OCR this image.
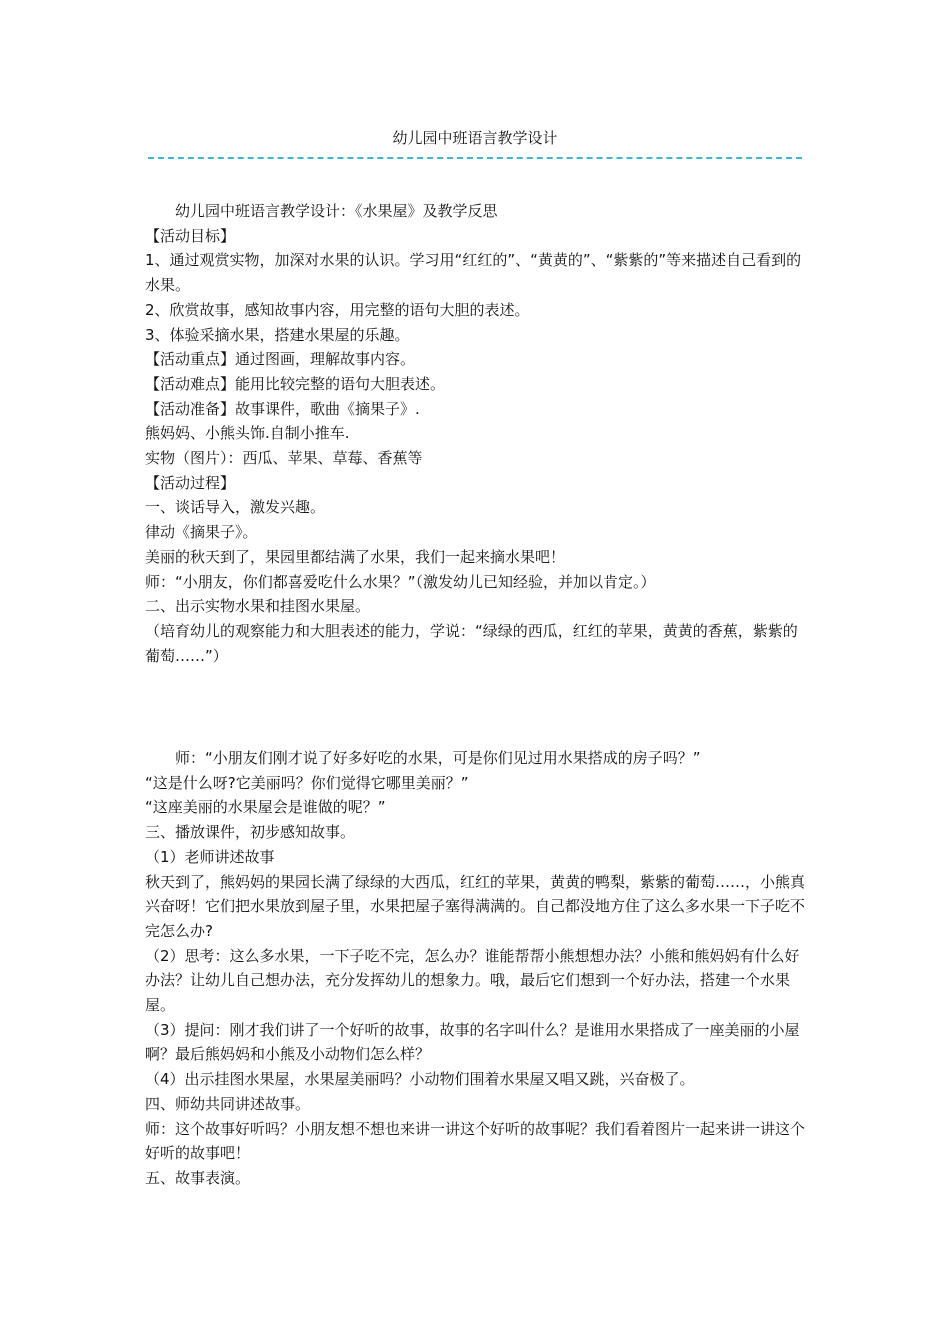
幼儿园中班语言教学设计

幼儿园中班语言教学设计：《水果屋》及教学反思

【活动目标】

1、通过观赏实物，加深对水果的认识。学习用“红红的”、“黄黄的”、“紫紫的”等来描述自己看到的水果。

2、欣赏故事，感知故事内容，用完整的语句大胆的表述。

3、体验采摘水果，搭建水果屋的乐趣。

【活动重点】通过图画，理解故事内容。

【活动难点】能用比较完整的语句大胆表述。

【活动准备】故事课件，歌曲《摘果子》.

熊妈妈、小熊头饰.自制小推车.

实物（图片）：西瓜、苹果、草莓、香蕉等

【活动过程】

一、谈话导入，激发兴趣。

律动《摘果子》。

美丽的秋天到了，果园里都结满了水果，我们一起来摘水果吧！

师：“小朋友，你们都喜爱吃什么水果？”（激发幼儿已知经验，并加以肯定。）

二、出示实物水果和挂图水果屋。

（培育幼儿的观察能力和大胆表述的能力，学说：“绿绿的西瓜，红红的苹果，黄黄的香蕉，紫紫的葡萄……”）

师：“小朋友们刚才说了好多好吃的水果，可是你们见过用水果搭成的房子吗？”

“这是什么呀?它美丽吗？你们觉得它哪里美丽？”

“这座美丽的水果屋会是谁做的呢？”

三、播放课件，初步感知故事。

（1）老师讲述故事

秋天到了，熊妈妈的果园长满了绿绿的大西瓜，红红的苹果，黄黄的鸭梨，紫紫的葡萄……，小熊真兴奋呀！它们把水果放到屋子里，水果把屋子塞得满满的。自己都没地方住了这么多水果一下子吃不完怎么办?

（2）思考：这么多水果，一下子吃不完，怎么办？谁能帮帮小熊想想办法？小熊和熊妈妈有什么好办法？让幼儿自己想办法，充分发挥幼儿的想象力。哦，最后它们想到一个好办法，搭建一个水果屋。

（3）提问：刚才我们讲了一个好听的故事，故事的名字叫什么？是谁用水果搭成了一座美丽的小屋啊？最后熊妈妈和小熊及小动物们怎么样？

（4）出示挂图水果屋，水果屋美丽吗？小动物们围着水果屋又唱又跳，兴奋极了。

四、师幼共同讲述故事。

师：这个故事好听吗？小朋友想不想也来讲一讲这个好听的故事呢？我们看着图片一起来讲一讲这个好听的故事吧！

五、故事表演。
